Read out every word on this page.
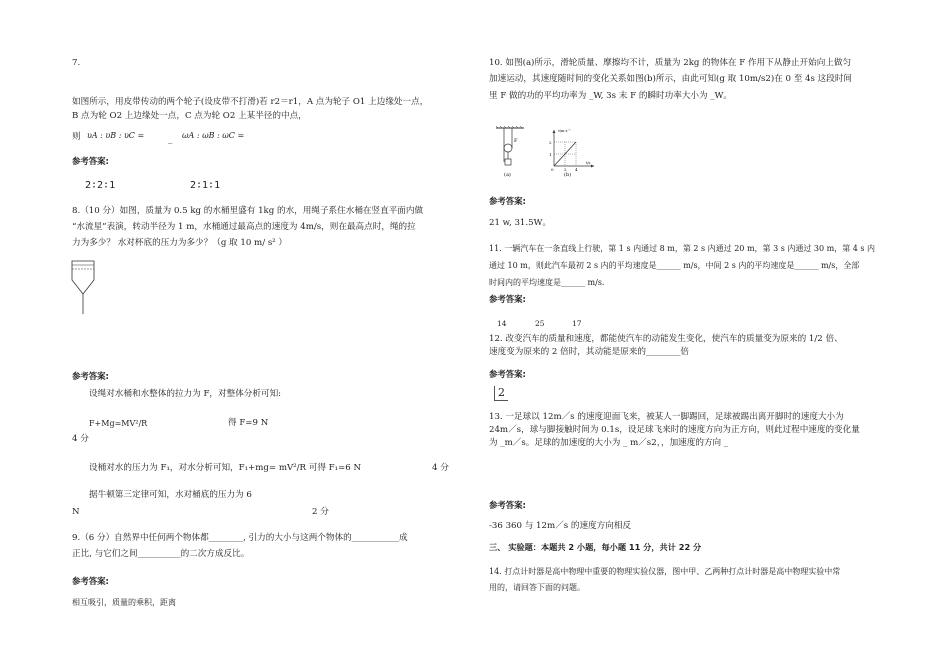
7.
如图所示，用皮带传动的两个轮子(设皮带不打滑)若 r2＝r1，A 点为轮子 O1 上边缘处一点，
B 点为轮 O2 上边缘处一点，C 点为轮 O2 上某半径的中点，
则 υA : υB : υC =	_ ωA : ωB : ωC =
参考答案:
2∶2∶1	2∶1∶1
8.（10 分）如图，质量为 0.5 kg 的水桶里盛有 1kg 的水，用绳子系住水桶在竖直平面内做
“水流星”表演，转动半径为 1 m，水桶通过最高点的速度为 4m/s，则在最高点时，绳的拉
力为多少？ 水对杯底的压力为多少？（g 取 10 m/ s² ）
参考答案:
设绳对水桶和水整体的拉力为 F，对整体分析可知:
F+Mg=MV²/R	得 F=9 N
4 分
设桶对水的压力为 F₁，对水分析可知，F₁+mg= mV²/R 可得 F₁=6 N	4 分
据牛顿第三定律可知，水对桶底的压力为 6
N	2 分
9.（6 分）自然界中任何两个物体都________, 引力的大小与这两个物体的___________成
正比, 与它们之间__________的二次方成反比。
参考答案:
相互吸引，质量的乘积，距离
10. 如图(a)所示，滑轮质量、摩擦均不计，质量为 2kg 的物体在 F 作用下从静止开始向上做匀
加速运动，其速度随时间的变化关系如图(b)所示，由此可知(g 取 10m/s2)在 0 至 4s 这段时间
里 F 做的功的平均功率为 _W, 3s 末 F 的瞬时功率大小为 _W。
F
(a)
v/m·s⁻¹
2
1
0	2 4
t/s
(b)
参考答案:
21 w, 31.5W。
11. 一辆汽车在一条直线上行驶，第 1 s 内通过 8 m，第 2 s 内通过 20 m，第 3 s 内通过 30 m，第 4 s 内
通过 10 m，则此汽车最初 2 s 内的平均速度是______ m/s，中间 2 s 内的平均速度是______ m/s，全部
时间内的平均速度是______ m/s.
参考答案:
14	25	17
12. 改变汽车的质量和速度，都能使汽车的动能发生变化，使汽车的质量变为原来的 1/2 倍、
速度变为原来的 2 倍时，其动能是原来的________倍
参考答案:
2
13. 一足球以 12m／s 的速度迎面飞来，被某人一脚踢回，足球被踢出离开脚时的速度大小为
24m／s，球与脚接触时间为 0.1s，设足球飞来时的速度方向为正方向，则此过程中速度的变化量
为 _m／s。足球的加速度的大小为 _ m／s2，，加速度的方向 _
参考答案:
-36 360 与 12m／s 的速度方向相反
三、 实验题：本题共 2 小题，每小题 11 分，共计 22 分
14. 打点计时器是高中物理中重要的物理实验仪器，图中甲、乙两种打点计时器是高中物理实验中常
用的，请回答下面的问题。
